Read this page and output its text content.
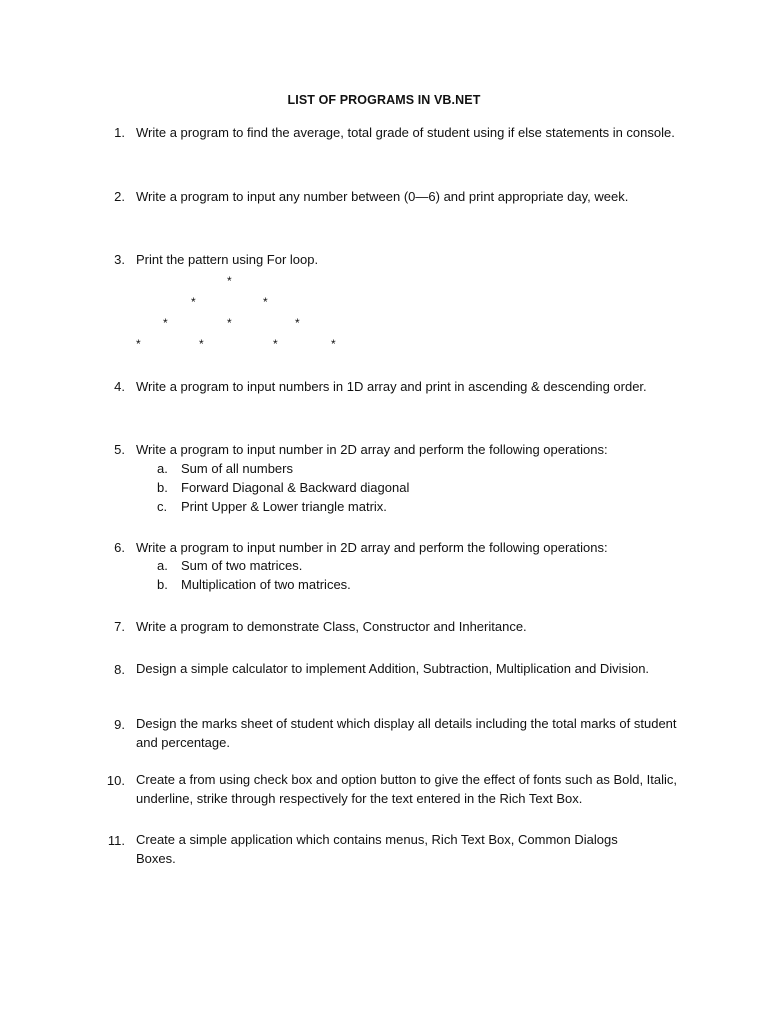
LIST OF PROGRAMS IN VB.NET
1. Write a program to find the average, total grade of student using if else statements in console.
2. Write a program to input any number between (0—6) and print appropriate day, week.
3. Print the pattern using For loop.
*
*	*
*	*	*
*	*	*	*
4. Write a program to input numbers in 1D array and print in ascending & descending order.
5. Write a program to input number in 2D array and perform the following operations:
a. Sum of all numbers
b. Forward Diagonal & Backward diagonal
c. Print Upper & Lower triangle matrix.
6. Write a program to input number in 2D array and perform the following operations:
a. Sum of two matrices.
b. Multiplication of two matrices.
7. Write a program to demonstrate Class, Constructor and Inheritance.
8. Design a simple calculator to implement Addition, Subtraction, Multiplication and Division.
9. Design the marks sheet of student which display all details including the total marks of student and percentage.
10. Create a from using check box and option button to give the effect of fonts such as Bold, Italic, underline, strike through respectively for the text entered in the Rich Text Box.
11. Create a simple application which contains menus, Rich Text Box, Common Dialogs Boxes.
